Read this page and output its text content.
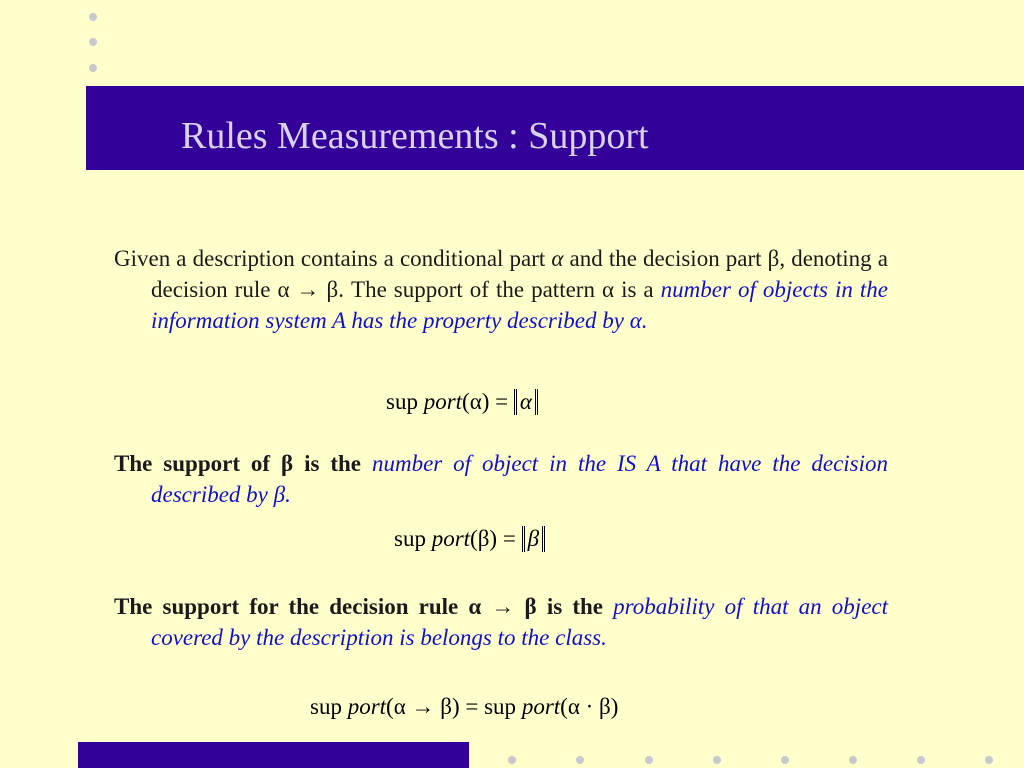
Rules Measurements : Support
Given a description contains a conditional part α and the decision part β, denoting a decision rule α → β. The support of the pattern α is a number of objects in the information system A has the property described by α.
sup port(α) = α
The support of β is the number of object in the IS A that have the decision described by β.
sup port(β) = β
The support for the decision rule α → β is the probability of that an object covered by the description is belongs to the class.
sup port(α → β) = sup port(α · β)
